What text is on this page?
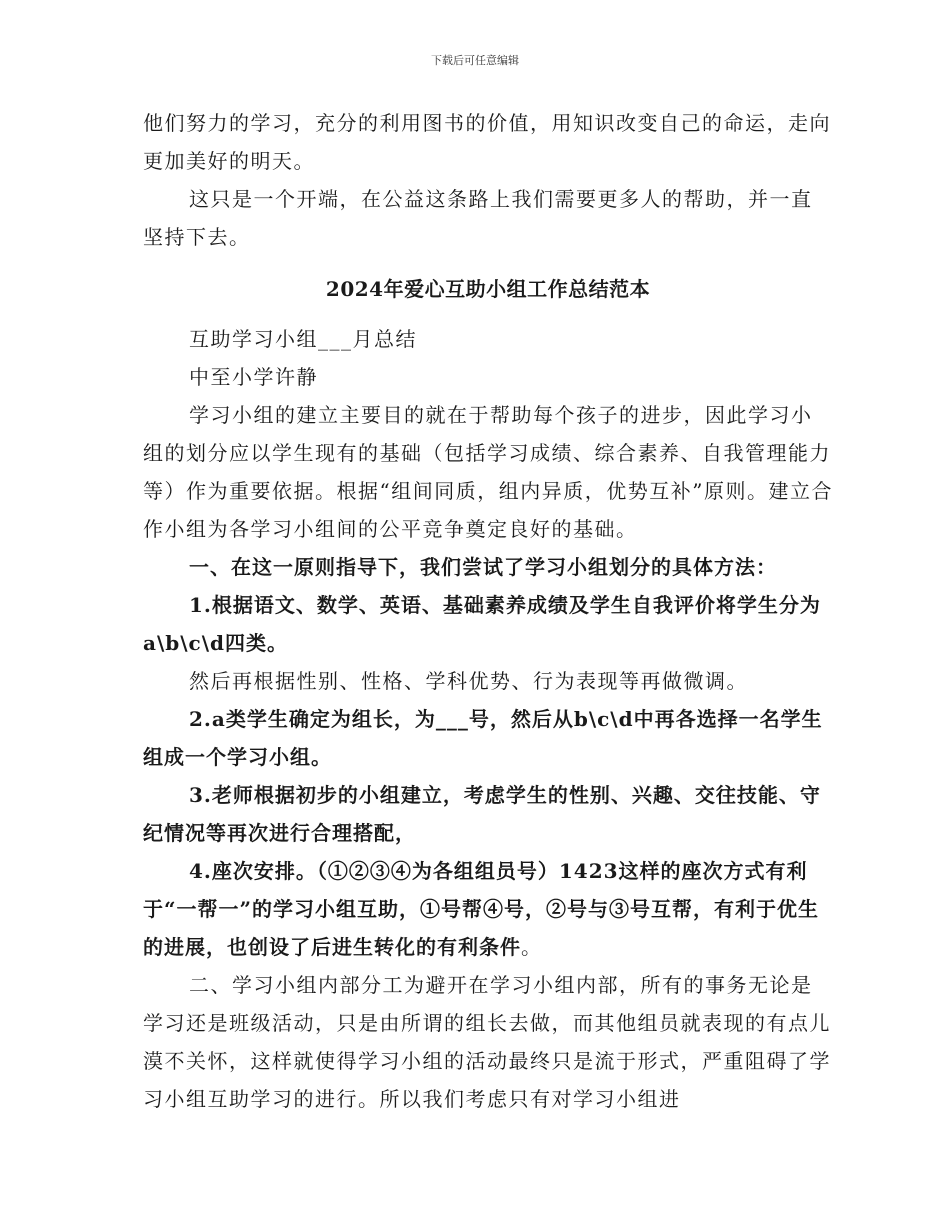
下载后可任意编辑

他们努力的学习，充分的利用图书的价值，用知识改变自己的命运，走向更加美好的明天。

这只是一个开端，在公益这条路上我们需要更多人的帮助，并一直坚持下去。

2024年爱心互助小组工作总结范本

互助学习小组___月总结

中至小学许静

学习小组的建立主要目的就在于帮助每个孩子的进步，因此学习小组的划分应以学生现有的基础（包括学习成绩、综合素养、自我管理能力等）作为重要依据。根据“组间同质，组内异质，优势互补”原则。建立合作小组为各学习小组间的公平竞争奠定良好的基础。

一、在这一原则指导下，我们尝试了学习小组划分的具体方法：

1.根据语文、数学、英语、基础素养成绩及学生自我评价将学生分为a\b\c\d四类。

然后再根据性别、性格、学科优势、行为表现等再做微调。

2.a类学生确定为组长，为___号，然后从b\c\d中再各选择一名学生组成一个学习小组。

3.老师根据初步的小组建立，考虑学生的性别、兴趣、交往技能、守纪情况等再次进行合理搭配，

4.座次安排。（①②③④为各组组员号）1423这样的座次方式有利于“一帮一”的学习小组互助，①号帮④号，②号与③号互帮，有利于优生的进展，也创设了后进生转化的有利条件。

二、学习小组内部分工为避开在学习小组内部，所有的事务无论是学习还是班级活动，只是由所谓的组长去做，而其他组员就表现的有点儿漠不关怀，这样就使得学习小组的活动最终只是流于形式，严重阻碍了学习小组互助学习的进行。所以我们考虑只有对学习小组进
